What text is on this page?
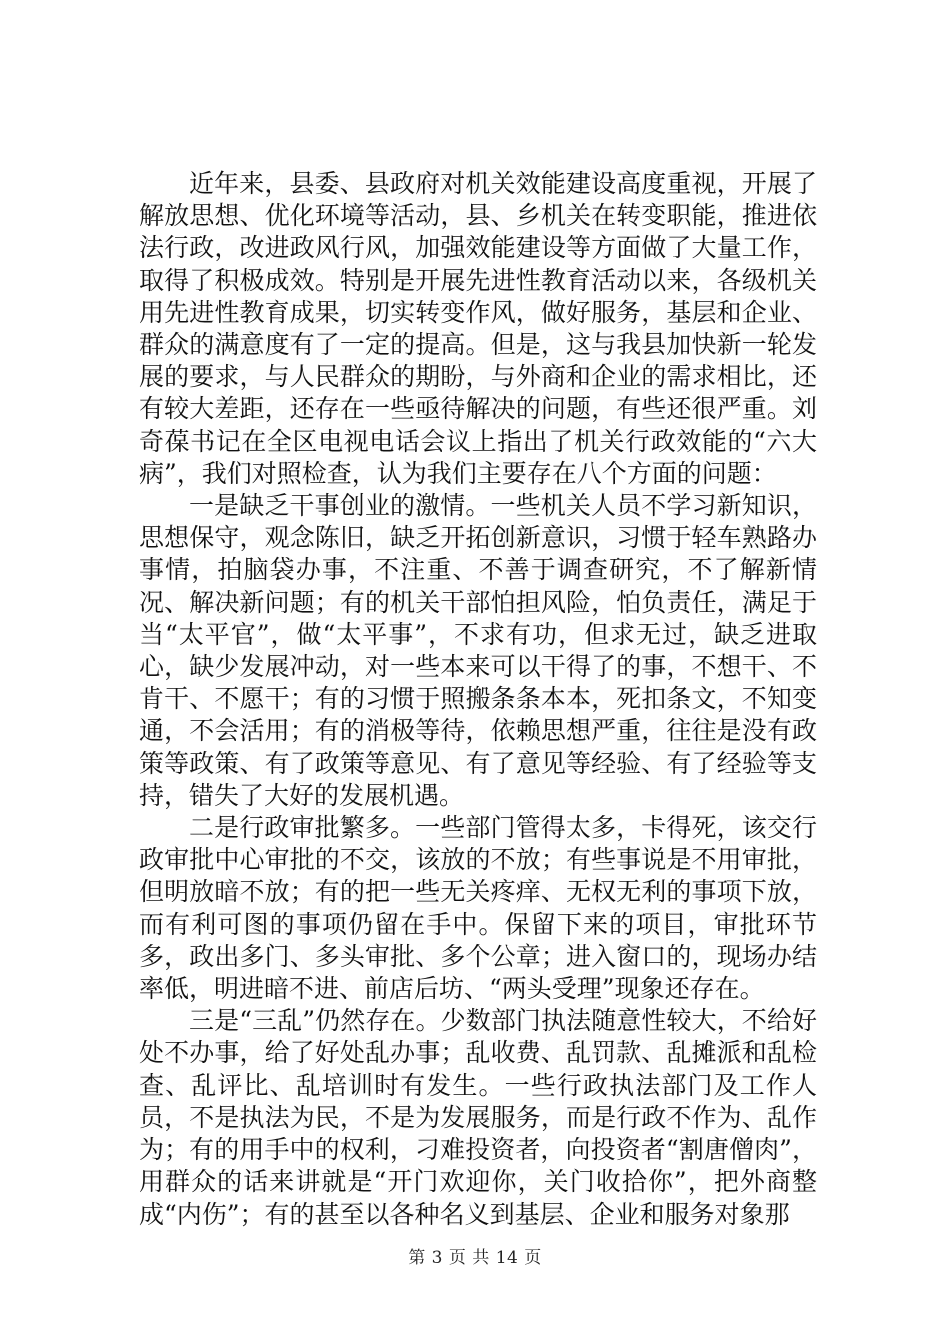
近年来，县委、县政府对机关效能建设高度重视，开展了解放思想、优化环境等活动，县、乡机关在转变职能，推进依法行政，改进政风行风，加强效能建设等方面做了大量工作，取得了积极成效。特别是开展先进性教育活动以来，各级机关用先进性教育成果，切实转变作风，做好服务，基层和企业、群众的满意度有了一定的提高。但是，这与我县加快新一轮发展的要求，与人民群众的期盼，与外商和企业的需求相比，还有较大差距，还存在一些亟待解决的问题，有些还很严重。刘奇葆书记在全区电视电话会议上指出了机关行政效能的“六大病”，我们对照检查，认为我们主要存在八个方面的问题：

一是缺乏干事创业的激情。一些机关人员不学习新知识，思想保守，观念陈旧，缺乏开拓创新意识，习惯于轻车熟路办事情，拍脑袋办事，不注重、不善于调查研究，不了解新情况、解决新问题；有的机关干部怕担风险，怕负责任，满足于当“太平官”，做“太平事”，不求有功，但求无过，缺乏进取心，缺少发展冲动，对一些本来可以干得了的事，不想干、不肯干、不愿干；有的习惯于照搬条条本本，死扣条文，不知变通，不会活用；有的消极等待，依赖思想严重，往往是没有政策等政策、有了政策等意见、有了意见等经验、有了经验等支持，错失了大好的发展机遇。

二是行政审批繁多。一些部门管得太多，卡得死，该交行政审批中心审批的不交，该放的不放；有些事说是不用审批，但明放暗不放；有的把一些无关疼痒、无权无利的事项下放，而有利可图的事项仍留在手中。保留下来的项目，审批环节多，政出多门、多头审批、多个公章；进入窗口的，现场办结率低，明进暗不进、前店后坊、“两头受理”现象还存在。

三是“三乱”仍然存在。少数部门执法随意性较大，不给好处不办事，给了好处乱办事；乱收费、乱罚款、乱摊派和乱检查、乱评比、乱培训时有发生。一些行政执法部门及工作人员，不是执法为民，不是为发展服务，而是行政不作为、乱作为；有的用手中的权利，刁难投资者，向投资者“割唐僧肉”，用群众的话来讲就是“开门欢迎你，关门收拾你”，把外商整成“内伤”；有的甚至以各种名义到基层、企业和服务对象那

第 3 页 共 14 页
